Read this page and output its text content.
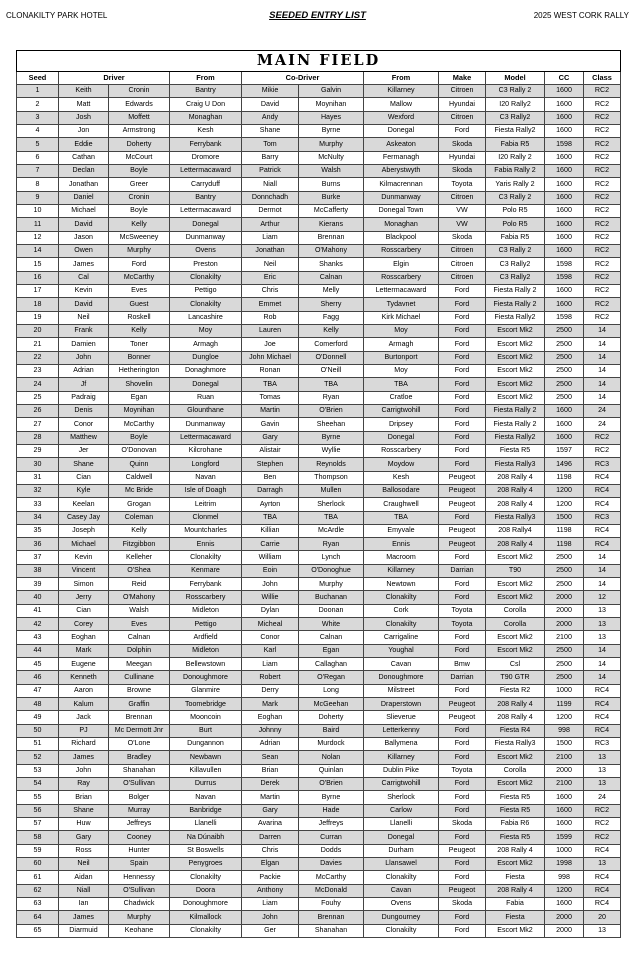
CLONAKILTY PARK HOTEL	SEEDED ENTRY LIST	2025 WEST CORK RALLY
MAIN FIELD										
Seed	Driver		From	Co-Driver		From	Make	Model	CC	Class
1	Keith	Cronin	Bantry	Mikie	Galvin	Killarney	Citroen	C3 Rally 2	1600	RC2
2	Matt	Edwards	Craig U Don	David	Moynihan	Mallow	Hyundai	I20 Rally2	1600	RC2
3	Josh	Moffett	Monaghan	Andy	Hayes	Wexford	Citroen	C3 Rally2	1600	RC2
4	Jon	Armstrong	Kesh	Shane	Byrne	Donegal	Ford	Fiesta Rally2	1600	RC2
5	Eddie	Doherty	Ferrybank	Tom	Murphy	Askeaton	Skoda	Fabia R5	1598	RC2
6	Cathan	McCourt	Dromore	Barry	McNulty	Fermanagh	Hyundai	I20 Rally 2	1600	RC2
7	Declan	Boyle	Lettermacaward	Patrick	Walsh	Aberystwyth	Skoda	Fabia Rally 2	1600	RC2
8	Jonathan	Greer	Carryduff	Niall	Burns	Kilmacrennan	Toyota	Yaris Rally 2	1600	RC2
9	Daniel	Cronin	Bantry	Donnchadh	Burke	Dunmanway	Citroen	C3 Rally 2	1600	RC2
10	Michael	Boyle	Lettermacaward	Dermot	McCafferty	Donegal Town	VW	Polo R5	1600	RC2
11	David	Kelly	Donegal	Arthur	Kierans	Monaghan	VW	Polo R5	1600	RC2
12	Jason	McSweeney	Dunmanway	Liam	Brennan	Blackpool	Skoda	Fabia R5	1600	RC2
14	Owen	Murphy	Ovens	Jonathan	O'Mahony	Rosscarbery	Citroen	C3 Rally 2	1600	RC2
15	James	Ford	Preston	Neil	Shanks	Elgin	Citroen	C3 Rally2	1598	RC2
16	Cal	McCarthy	Clonakilty	Eric	Calnan	Rosscarbery	Citroen	C3 Rally2	1598	RC2
17	Kevin	Eves	Pettigo	Chris	Melly	Lettermacaward	Ford	Fiesta Rally 2	1600	RC2
18	David	Guest	Clonakilty	Emmet	Sherry	Tydavnet	Ford	Fiesta Rally 2	1600	RC2
19	Neil	Roskell	Lancashire	Rob	Fagg	Kirk Michael	Ford	Fiesta Rally2	1598	RC2
20	Frank	Kelly	Moy	Lauren	Kelly	Moy	Ford	Escort Mk2	2500	14
21	Damien	Toner	Armagh	Joe	Comerford	Armagh	Ford	Escort Mk2	2500	14
22	John	Bonner	Dungloe	John Michael	O'Donnell	Burtonport	Ford	Escort Mk2	2500	14
23	Adrian	Hetherington	Donaghmore	Ronan	O'Neill	Moy	Ford	Escort Mk2	2500	14
24	Jf	Shovelin	Donegal	TBA	TBA	TBA	Ford	Escort Mk2	2500	14
25	Padraig	Egan	Ruan	Tomas	Ryan	Cratloe	Ford	Escort Mk2	2500	14
26	Denis	Moynihan	Glounthane	Martin	O'Brien	Carrigtwohill	Ford	Fiesta Rally 2	1600	24
27	Conor	McCarthy	Dunmanway	Gavin	Sheehan	Dripsey	Ford	Fiesta Rally 2	1600	24
28	Matthew	Boyle	Lettermacaward	Gary	Byrne	Donegal	Ford	Fiesta Rally2	1600	RC2
29	Jer	O'Donovan	Kilcrohane	Alistair	Wyllie	Rosscarbery	Ford	Fiesta R5	1597	RC2
30	Shane	Quinn	Longford	Stephen	Reynolds	Moydow	Ford	Fiesta Rally3	1496	RC3
31	Cian	Caldwell	Navan	Ben	Thompson	Kesh	Peugeot	208 Rally 4	1198	RC4
32	Kyle	Mc Bride	Isle of Doagh	Darragh	Mullen	Ballosodare	Peugeot	208 Rally 4	1200	RC4
33	Keelan	Grogan	Leitrim	Ayrton	Sherlock	Craughwell	Peugeot	208 Rally 4	1200	RC4
34	Casey Jay	Coleman	Clonmel	TBA	TBA	TBA	Ford	Fiesta Rally3	1500	RC3
35	Joseph	Kelly	Mountcharles	Killian	McArdle	Emyvale	Peugeot	208 Rally4	1198	RC4
36	Michael	Fitzgibbon	Ennis	Carrie	Ryan	Ennis	Peugeot	208 Rally 4	1198	RC4
37	Kevin	Kelleher	Clonakilty	William	Lynch	Macroom	Ford	Escort Mk2	2500	14
38	Vincent	O'Shea	Kenmare	Eoin	O'Donoghue	Killarney	Darrian	T90	2500	14
39	Simon	Reid	Ferrybank	John	Murphy	Newtown	Ford	Escort Mk2	2500	14
40	Jerry	O'Mahony	Rosscarbery	Willie	Buchanan	Clonakilty	Ford	Escort Mk2	2000	12
41	Cian	Walsh	Midleton	Dylan	Doonan	Cork	Toyota	Corolla	2000	13
42	Corey	Eves	Pettigo	Micheal	White	Clonakilty	Toyota	Corolla	2000	13
43	Eoghan	Calnan	Ardfield	Conor	Calnan	Carrigaline	Ford	Escort Mk2	2100	13
44	Mark	Dolphin	Midleton	Karl	Egan	Youghal	Ford	Escort Mk2	2500	14
45	Eugene	Meegan	Bellewstown	Liam	Callaghan	Cavan	Bmw	Csl	2500	14
46	Kenneth	Cullinane	Donoughmore	Robert	O'Regan	Donoughmore	Darrian	T90 GTR	2500	14
47	Aaron	Browne	Glanmire	Derry	Long	Milstreet	Ford	Fiesta R2	1000	RC4
48	Kalum	Graffin	Toomebridge	Mark	McGeehan	Draperstown	Peugeot	208 Rally 4	1199	RC4
49	Jack	Brennan	Mooncoin	Eoghan	Doherty	Slieverue	Peugeot	208 Rally 4	1200	RC4
50	PJ	Mc Dermott Jnr	Burt	Johnny	Baird	Letterkenny	Ford	Fiesta R4	998	RC4
51	Richard	O'Lone	Dungannon	Adrian	Murdock	Ballymena	Ford	Fiesta Rally3	1500	RC3
52	James	Bradley	Newbawn	Sean	Nolan	Killarney	Ford	Escort Mk2	2100	13
53	John	Shanahan	Killavullen	Brian	Quinlan	Dublin Pike	Toyota	Corolla	2000	13
54	Ray	O'Sullivan	Durrus	Derek	O'Brien	Carrigtwohill	Ford	Escort Mk2	2100	13
55	Brian	Bolger	Navan	Martin	Byrne	Sherlock	Ford	Fiesta R5	1600	24
56	Shane	Murray	Banbridge	Gary	Hade	Carlow	Ford	Fiesta R5	1600	RC2
57	Huw	Jeffreys	Llanelli	Avarina	Jeffreys	Llanelli	Skoda	Fabia R6	1600	RC2
58	Gary	Cooney	Na Dúnaibh	Darren	Curran	Donegal	Ford	Fiesta R5	1599	RC2
59	Ross	Hunter	St Boswells	Chris	Dodds	Durham	Peugeot	208 Rally 4	1000	RC4
60	Neil	Spain	Penygroes	Elgan	Davies	Llansawel	Ford	Escort Mk2	1998	13
61	Aidan	Hennessy	Clonakilty	Packie	McCarthy	Clonakilty	Ford	Fiesta	998	RC4
62	Niall	O'Sullivan	Doora	Anthony	McDonald	Cavan	Peugeot	208 Rally 4	1200	RC4
63	Ian	Chadwick	Donoughmore	Liam	Fouhy	Ovens	Skoda	Fabia	1600	RC4
64	James	Murphy	Kilmallock	John	Brennan	Dungourney	Ford	Fiesta	2000	20
65	Diarmuid	Keohane	Clonakilty	Ger	Shanahan	Clonakilty	Ford	Escort Mk2	2000	13
